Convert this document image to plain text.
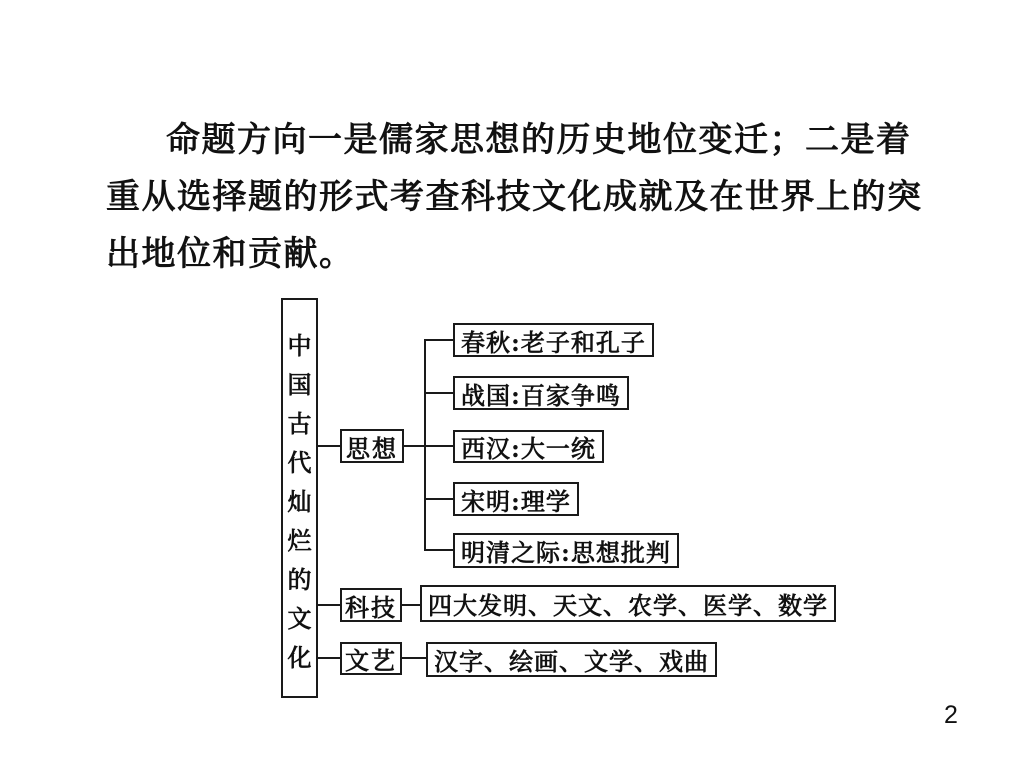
命题方向一是儒家思想的历史地位变迁；二是着
重从选择题的形式考查科技文化成就及在世界上的突
出地位和贡献。
中国古代灿烂的文化
思想
科技
文艺
春秋:老子和孔子
战国:百家争鸣
西汉:大一统
宋明:理学
明清之际:思想批判
四大发明、天文、农学、医学、数学
汉字、绘画、文学、戏曲
2
